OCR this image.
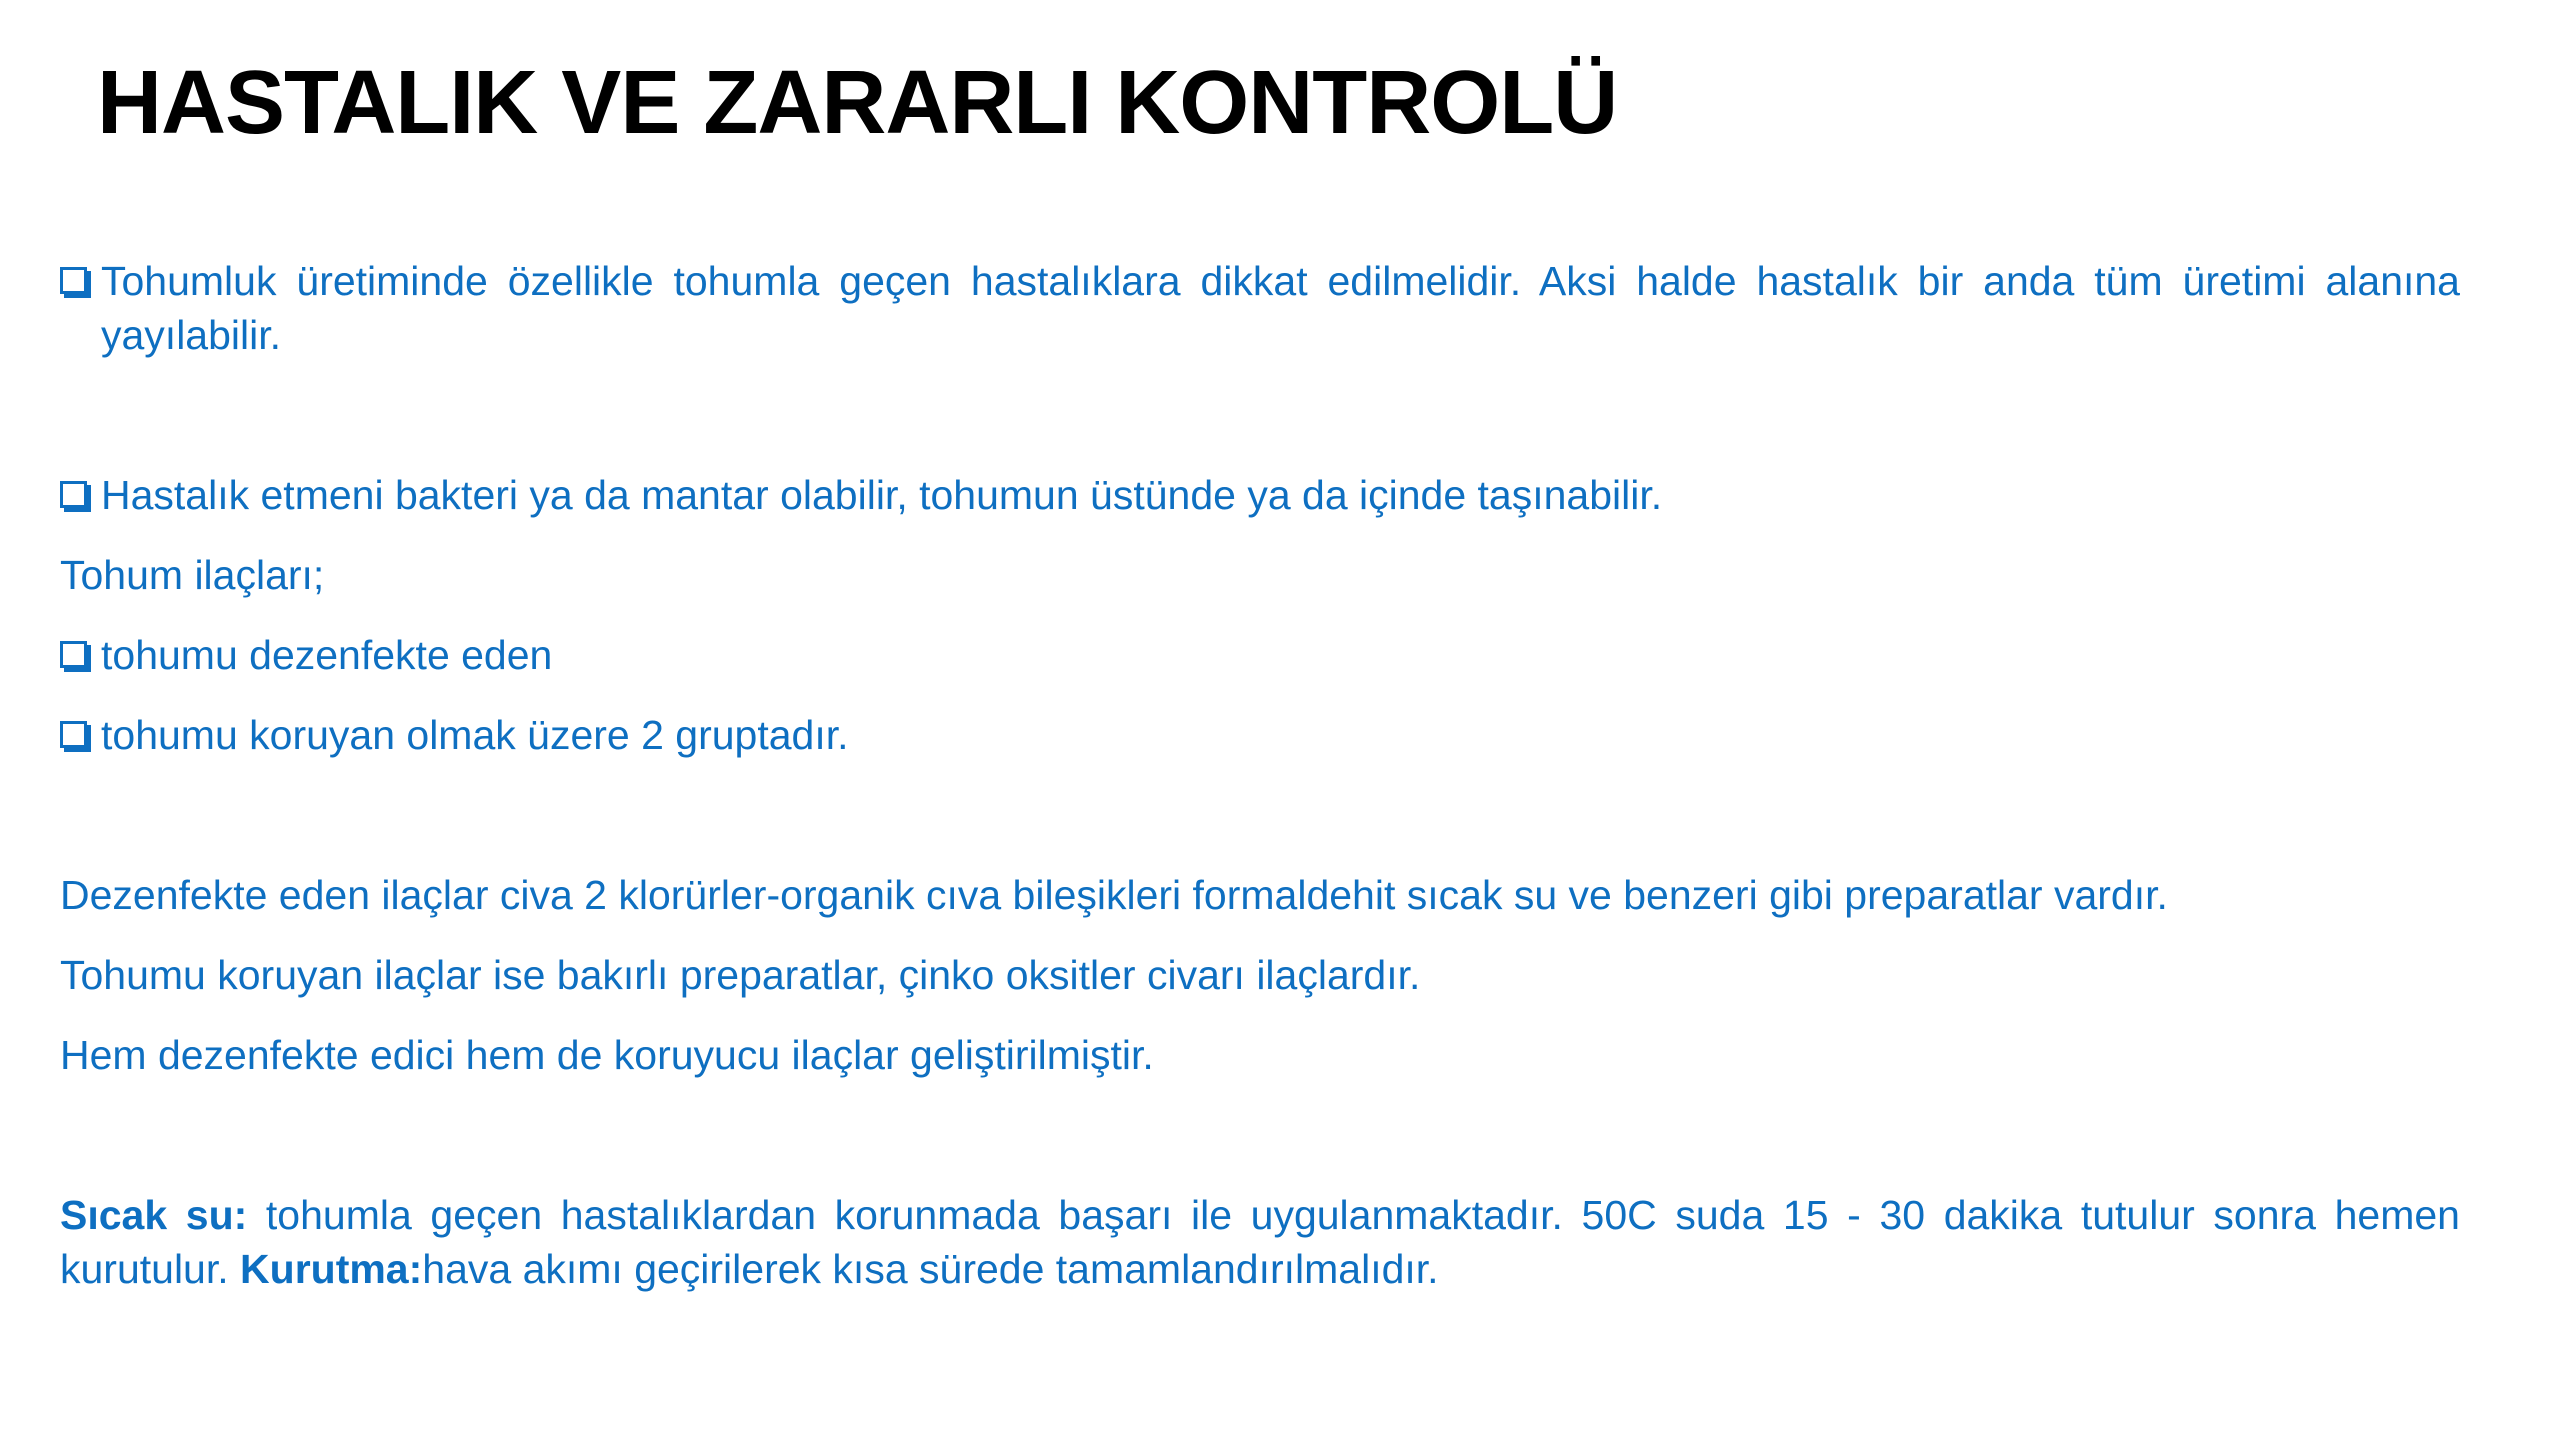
HASTALIK VE ZARARLI KONTROLÜ
Tohumluk üretiminde özellikle tohumla geçen hastalıklara dikkat edilmelidir. Aksi halde hastalık bir anda tüm üretimi alanına yayılabilir.
Hastalık etmeni bakteri ya da mantar olabilir, tohumun üstünde ya da içinde taşınabilir.
Tohum ilaçları;
tohumu dezenfekte eden
tohumu koruyan olmak üzere 2 gruptadır.
Dezenfekte eden ilaçlar civa 2 klorürler-organik cıva bileşikleri formaldehit sıcak su ve benzeri gibi preparatlar vardır.
Tohumu koruyan ilaçlar ise bakırlı preparatlar, çinko oksitler civarı ilaçlardır.
Hem dezenfekte edici hem de koruyucu ilaçlar geliştirilmiştir.
Sıcak su: tohumla geçen hastalıklardan korunmada başarı ile uygulanmaktadır. 50C suda 15 - 30 dakika tutulur sonra hemen kurutulur. Kurutma:hava akımı geçirilerek kısa sürede tamamlandırılmalıdır.
